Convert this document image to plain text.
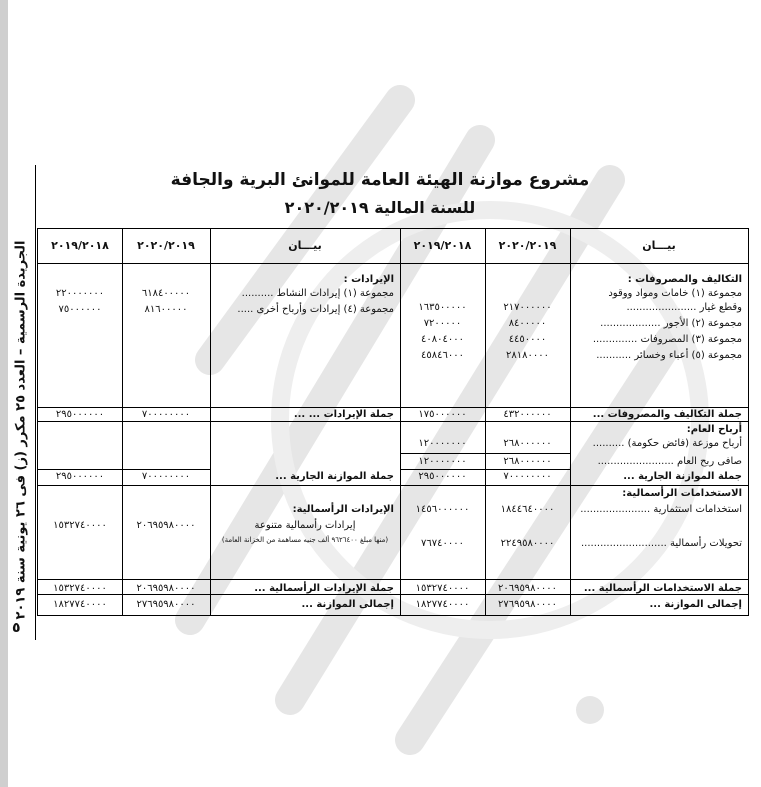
الجريدة الرسمية – العدد ٢٥ مكرر (ز) فى ٢٦ يونية سنة ٢٠١٩
٥
مشروع موازنة الهيئة العامة للموانئ البرية والجافة
للسنة المالية ٢٠٢٠/٢٠١٩
بيـــان
٢٠٢٠/٢٠١٩
٢٠١٩/٢٠١٨
بيـــان
٢٠٢٠/٢٠١٩
٢٠١٩/٢٠١٨
التكاليف والمصروفات :
مجموعة (١) خامات ومواد ووقود
وقطع غيار ......................
٢١٧٠٠٠٠٠٠
١٦٣٥٠٠٠٠٠
مجموعة (٢) الأجور ...................
٨٤٠٠٠٠٠
٧٢٠٠٠٠٠
مجموعة (٣) المصروفات ..............
٤٤٥٠٠٠٠
٤٠٨٠٤٠٠٠
مجموعة (٥) أعباء وخسائر ...........
٢٨١٨٠٠٠٠
٤٥٨٤٦٠٠٠
جملة التكاليف والمصروفات ...
٤٣٢٠٠٠٠٠٠
١٧٥٠٠٠٠٠٠
أرباح العام:
أرباح موزعة (فائض حكومة) ..........
٢٦٨٠٠٠٠٠٠
١٢٠٠٠٠٠٠٠
صافى ربح العام ........................
٢٦٨٠٠٠٠٠٠
١٢٠٠٠٠٠٠٠
جملة الموازنة الجارية ...
٧٠٠٠٠٠٠٠٠
٢٩٥٠٠٠٠٠٠
الاستخدامات الرأسمالية:
استخدامات استثمارية ......................
١٨٤٤٦٤٠٠٠٠
١٤٥٦٠٠٠٠٠٠
تحويلات رأسمالية ...........................
٢٢٤٩٥٨٠٠٠٠
٧٦٧٤٠٠٠٠
جملة الاستخدامات الرأسمالية ...
٢٠٦٩٥٩٨٠٠٠٠
١٥٣٢٧٤٠٠٠٠
إجمالى الموازنة ...
٢٧٦٩٥٩٨٠٠٠٠
١٨٢٧٧٤٠٠٠٠
الإيرادات :
مجموعة (١) إيرادات النشاط ..........
٦١٨٤٠٠٠٠٠
٢٢٠٠٠٠٠٠٠
مجموعة (٤) إيرادات وأرباح أخرى .....
٨١٦٠٠٠٠٠
٧٥٠٠٠٠٠٠
جملة الإيرادات ... ...
٧٠٠٠٠٠٠٠٠
٢٩٥٠٠٠٠٠٠
جملة الموازنة الجارية ...
٧٠٠٠٠٠٠٠٠
٢٩٥٠٠٠٠٠٠
الإيرادات الرأسمالية:
إيرادات رأسمالية متنوعة
(منها مبلغ ٩٦٢٦٤٠٠ ألف جنيه مساهمة من الخزانة العامة)
٢٠٦٩٥٩٨٠٠٠٠
١٥٣٢٧٤٠٠٠٠
جملة الإيرادات الرأسمالية ...
٢٠٦٩٥٩٨٠٠٠٠
١٥٣٢٧٤٠٠٠٠
إجمالى الموازنة ...
٢٧٦٩٥٩٨٠٠٠٠
١٨٢٧٧٤٠٠٠٠
